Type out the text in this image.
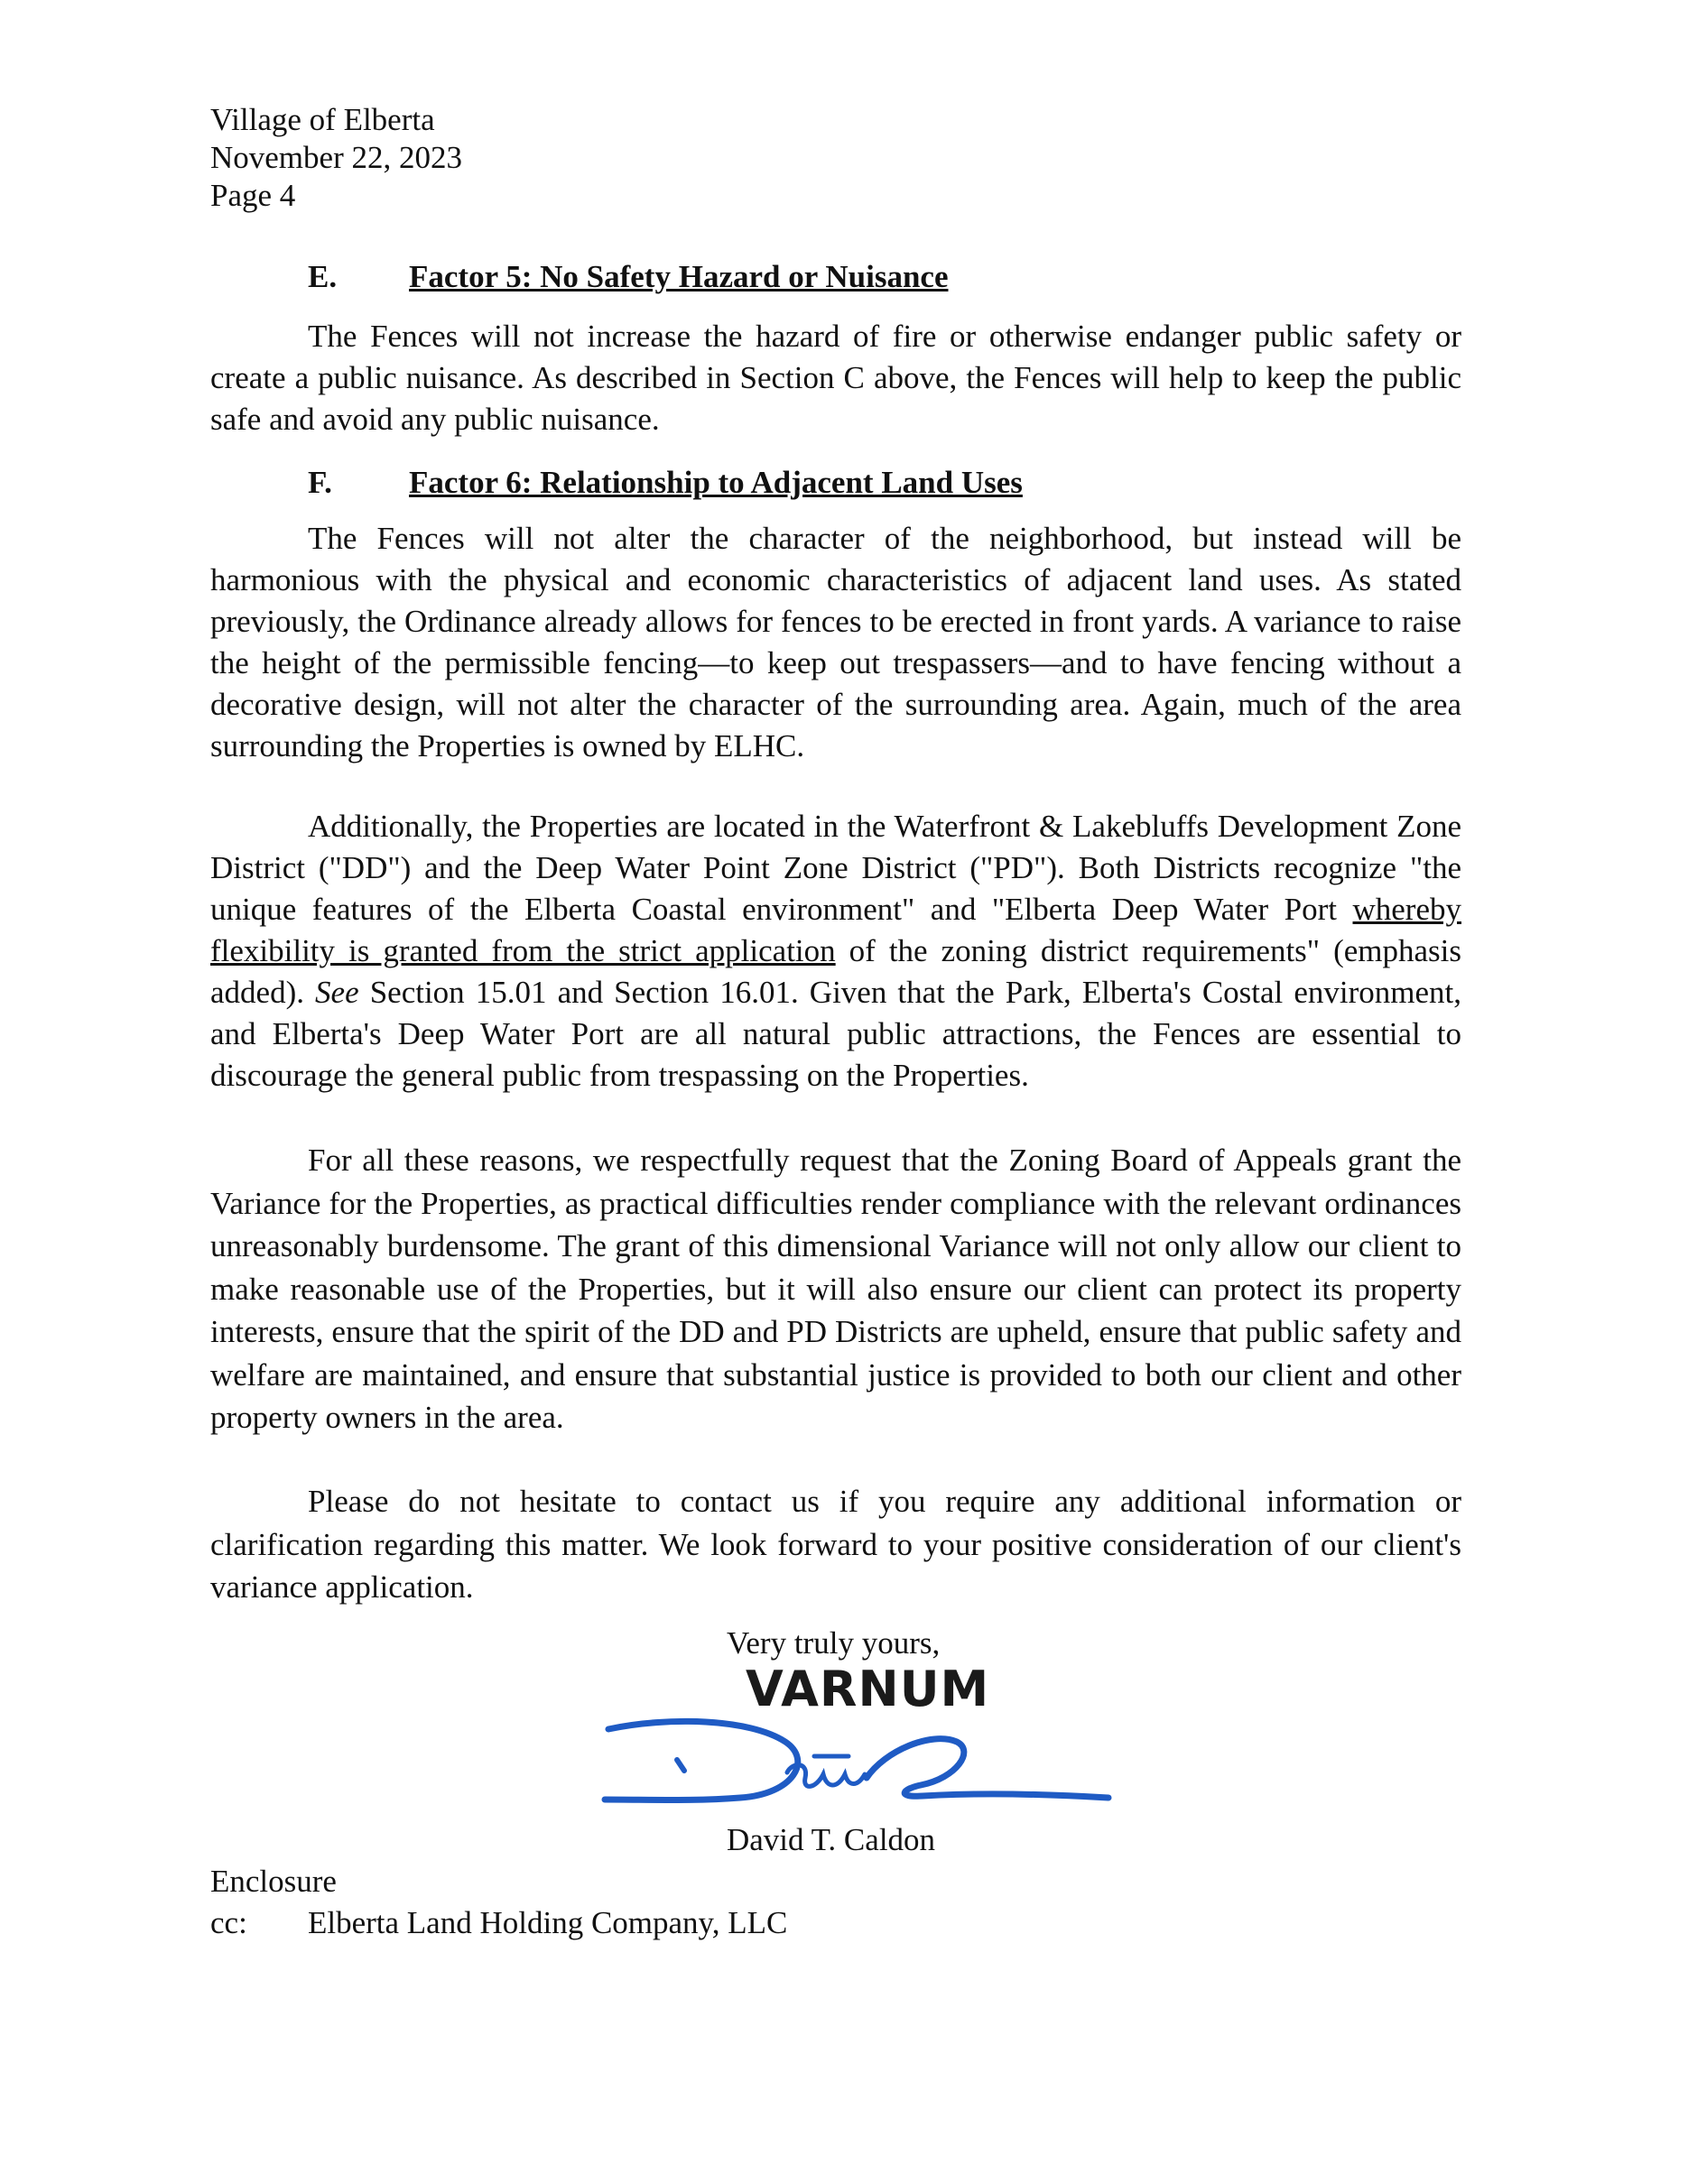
Village of Elberta
November 22, 2023
Page 4
E. Factor 5: No Safety Hazard or Nuisance

The Fences will not increase the hazard of fire or otherwise endanger public safety or create a public nuisance. As described in Section C above, the Fences will help to keep the public safe and avoid any public nuisance.

F. Factor 6: Relationship to Adjacent Land Uses

The Fences will not alter the character of the neighborhood, but instead will be harmonious with the physical and economic characteristics of adjacent land uses. As stated previously, the Ordinance already allows for fences to be erected in front yards. A variance to raise the height of the permissible fencing—to keep out trespassers—and to have fencing without a decorative design, will not alter the character of the surrounding area. Again, much of the area surrounding the Properties is owned by ELHC.

Additionally, the Properties are located in the Waterfront & Lakebluffs Development Zone District ("DD") and the Deep Water Point Zone District ("PD"). Both Districts recognize "the unique features of the Elberta Coastal environment" and "Elberta Deep Water Port whereby flexibility is granted from the strict application of the zoning district requirements" (emphasis added). See Section 15.01 and Section 16.01. Given that the Park, Elberta's Costal environment, and Elberta's Deep Water Port are all natural public attractions, the Fences are essential to discourage the general public from trespassing on the Properties.

For all these reasons, we respectfully request that the Zoning Board of Appeals grant the Variance for the Properties, as practical difficulties render compliance with the relevant ordinances unreasonably burdensome. The grant of this dimensional Variance will not only allow our client to make reasonable use of the Properties, but it will also ensure our client can protect its property interests, ensure that the spirit of the DD and PD Districts are upheld, ensure that public safety and welfare are maintained, and ensure that substantial justice is provided to both our client and other property owners in the area.

Please do not hesitate to contact us if you require any additional information or clarification regarding this matter. We look forward to your positive consideration of our client's variance application.

Very truly yours,
VARNUM
David T. Caldon
Enclosure
cc: Elberta Land Holding Company, LLC
